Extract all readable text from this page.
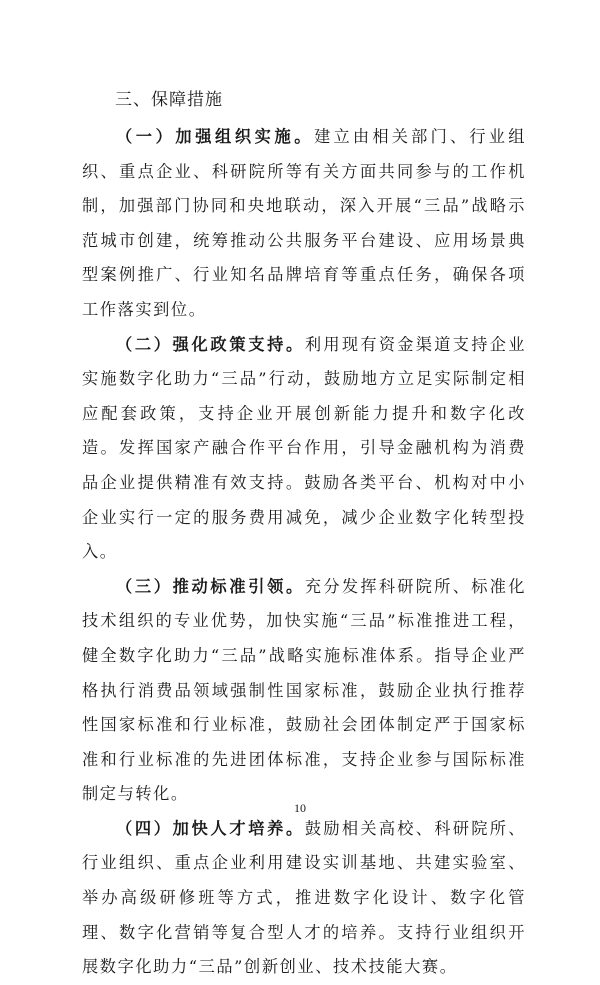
三、保障措施

（一）加强组织实施。建立由相关部门、行业组织、重点企业、科研院所等有关方面共同参与的工作机制，加强部门协同和央地联动，深入开展“三品”战略示范城市创建，统筹推动公共服务平台建设、应用场景典型案例推广、行业知名品牌培育等重点任务，确保各项工作落实到位。

（二）强化政策支持。利用现有资金渠道支持企业实施数字化助力“三品”行动，鼓励地方立足实际制定相应配套政策，支持企业开展创新能力提升和数字化改造。发挥国家产融合作平台作用，引导金融机构为消费品企业提供精准有效支持。鼓励各类平台、机构对中小企业实行一定的服务费用减免，减少企业数字化转型投入。

（三）推动标准引领。充分发挥科研院所、标准化技术组织的专业优势，加快实施“三品”标准推进工程，健全数字化助力“三品”战略实施标准体系。指导企业严格执行消费品领域强制性国家标准，鼓励企业执行推荐性国家标准和行业标准，鼓励社会团体制定严于国家标准和行业标准的先进团体标准，支持企业参与国际标准制定与转化。

（四）加快人才培养。鼓励相关高校、科研院所、行业组织、重点企业利用建设实训基地、共建实验室、举办高级研修班等方式，推进数字化设计、数字化管理、数字化营销等复合型人才的培养。支持行业组织开展数字化助力“三品”创新创业、技术技能大赛。

10
